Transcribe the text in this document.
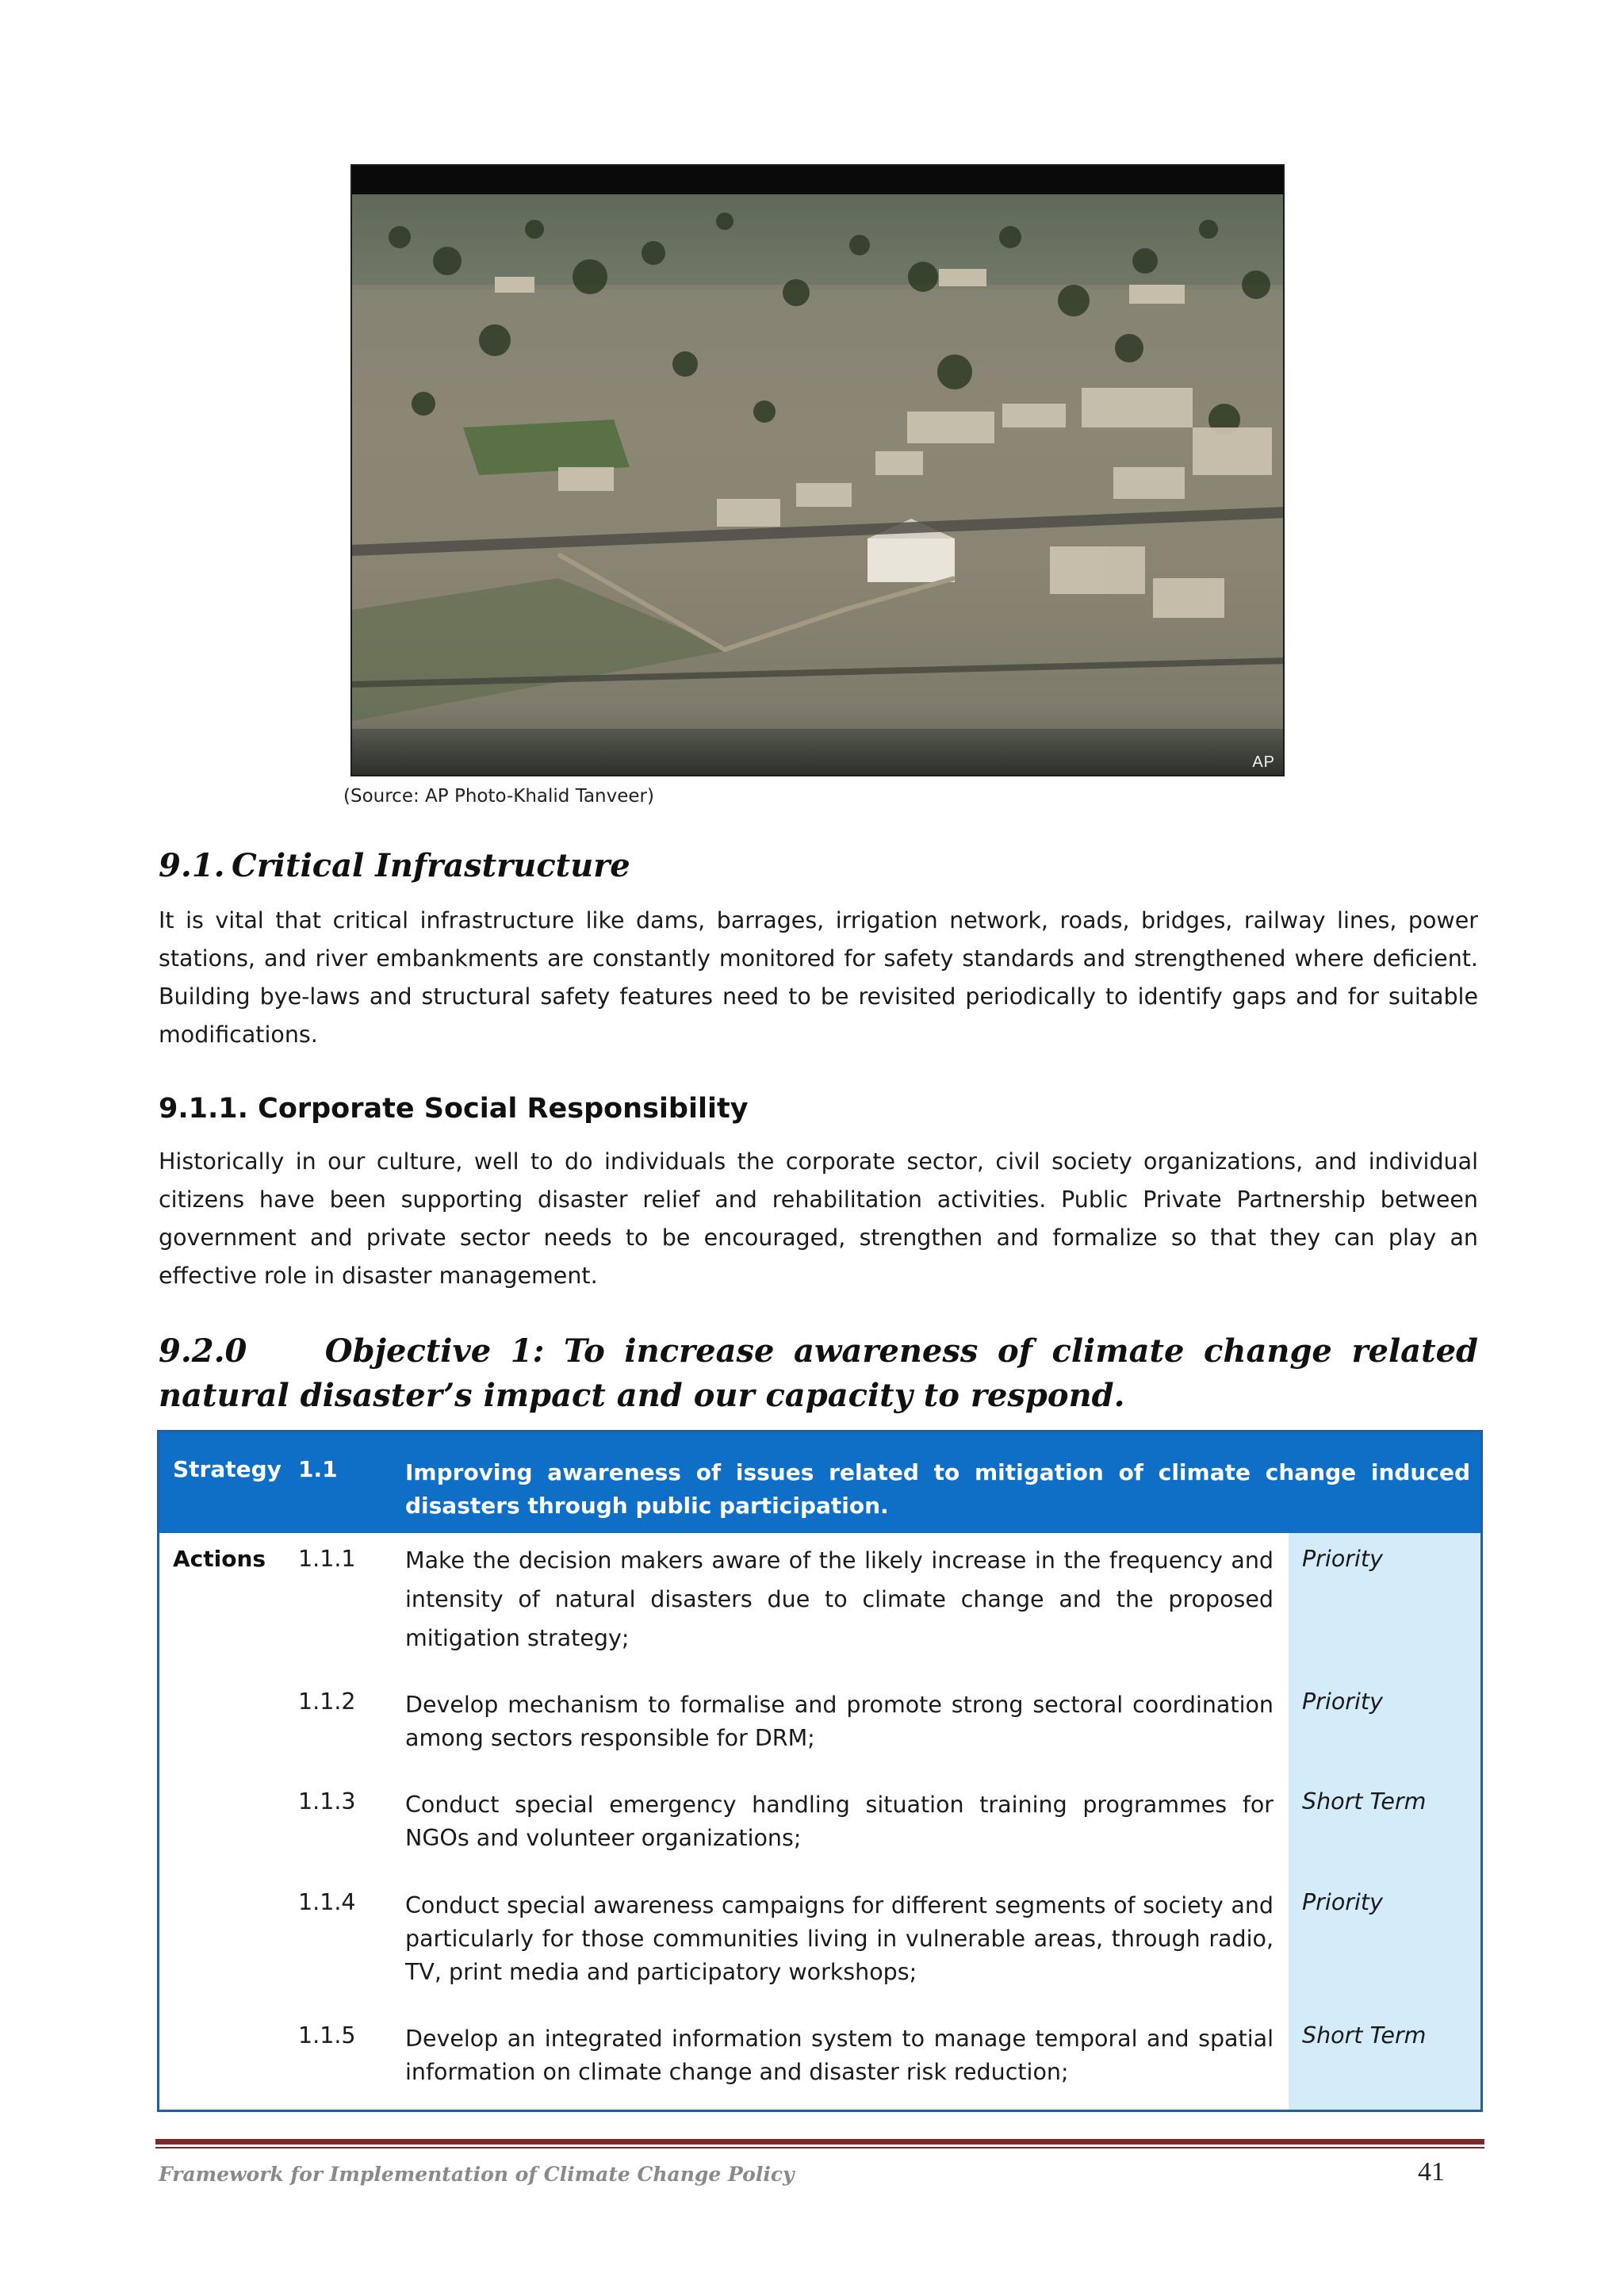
AP
(Source: AP Photo-Khalid Tanveer)
9.1. Critical Infrastructure

It is vital that critical infrastructure like dams, barrages, irrigation network, roads, bridges, railway lines, power stations, and river embankments are constantly monitored for safety standards and strengthened where deficient. Building bye-laws and structural safety features need to be revisited periodically to identify gaps and for suitable modifications.

9.1.1. Corporate Social Responsibility

Historically in our culture, well to do individuals the corporate sector, civil society organizations, and individual citizens have been supporting disaster relief and rehabilitation activities. Public Private Partnership between government and private sector needs to be encouraged, strengthen and formalize so that they can play an effective role in disaster management.

9.2.0    Objective 1: To increase awareness of climate change related natural disaster’s impact and our capacity to respond.
Strategy 1.1	Improving awareness of issues related to mitigation of climate change induced disasters through public participation.
Actions 1.1.1 Make the decision makers aware of the likely increase in the frequency and intensity of natural disasters due to climate change and the proposed mitigation strategy;
Priority
1.1.2 Develop mechanism to formalise and promote strong sectoral coordination among sectors responsible for DRM;
Priority
1.1.3 Conduct special emergency handling situation training programmes for NGOs and volunteer organizations;
Short Term
1.1.4 Conduct special awareness campaigns for different segments of society and particularly for those communities living in vulnerable areas, through radio, TV, print media and participatory workshops;
Priority
1.1.5 Develop an integrated information system to manage temporal and spatial information on climate change and disaster risk reduction;
Short Term
Framework for Implementation of Climate Change Policy	41
